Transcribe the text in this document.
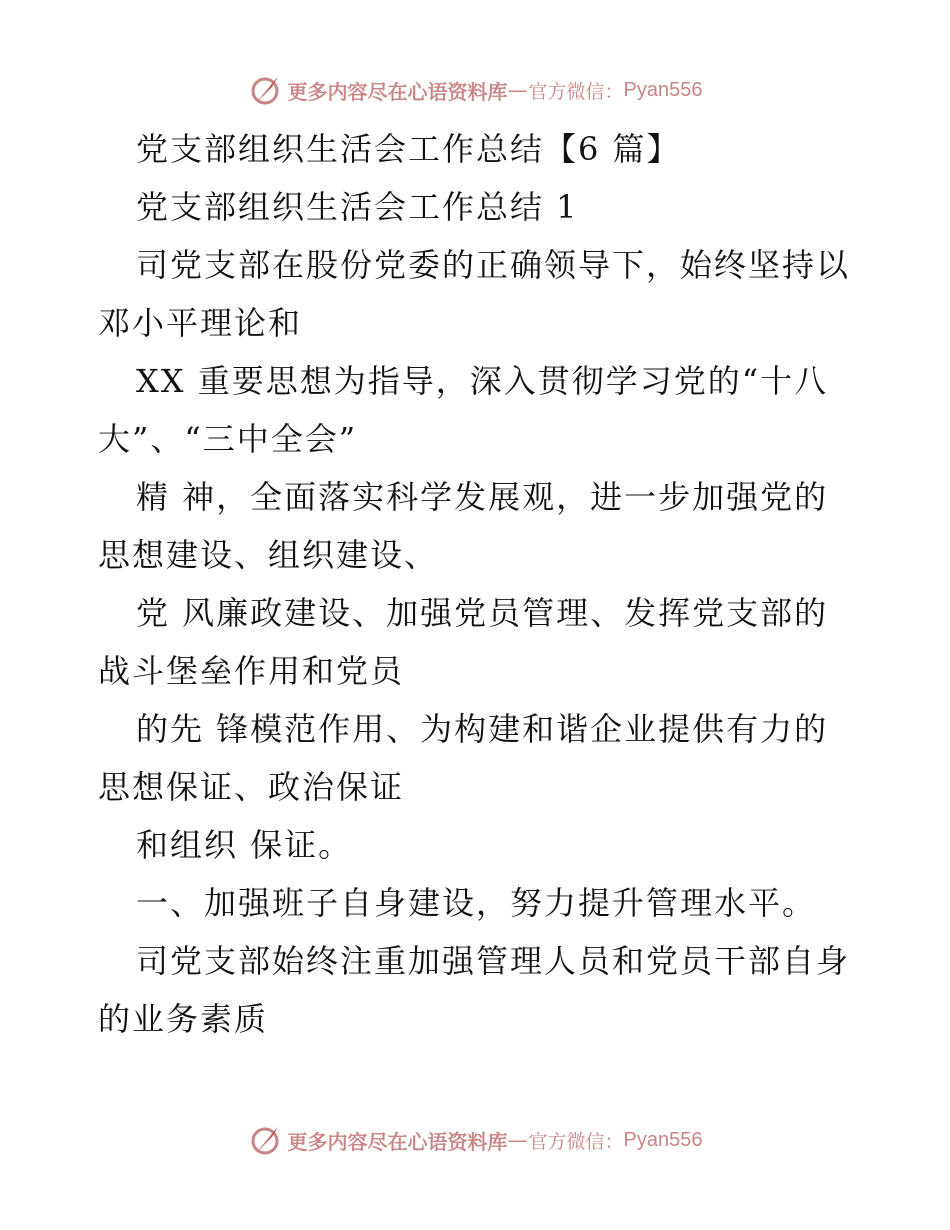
更多内容尽在心语资料库 — 官方微信： Pyan556
党支部组织生活会工作总结【6 篇】
党支部组织生活会工作总结 1
司党支部在股份党委的正确领导下，始终坚持以
邓小平理论和
XX 重要思想为指导，深入贯彻学习党的“十八
大”、“三中全会”
精 神，全面落实科学发展观，进一步加强党的
思想建设、组织建设、
党 风廉政建设、加强党员管理、发挥党支部的
战斗堡垒作用和党员
的先 锋模范作用、为构建和谐企业提供有力的
思想保证、政治保证
和组织 保证。
一、加强班子自身建设，努力提升管理水平。
司党支部始终注重加强管理人员和党员干部自身
的业务素质
更多内容尽在心语资料库 — 官方微信： Pyan556
